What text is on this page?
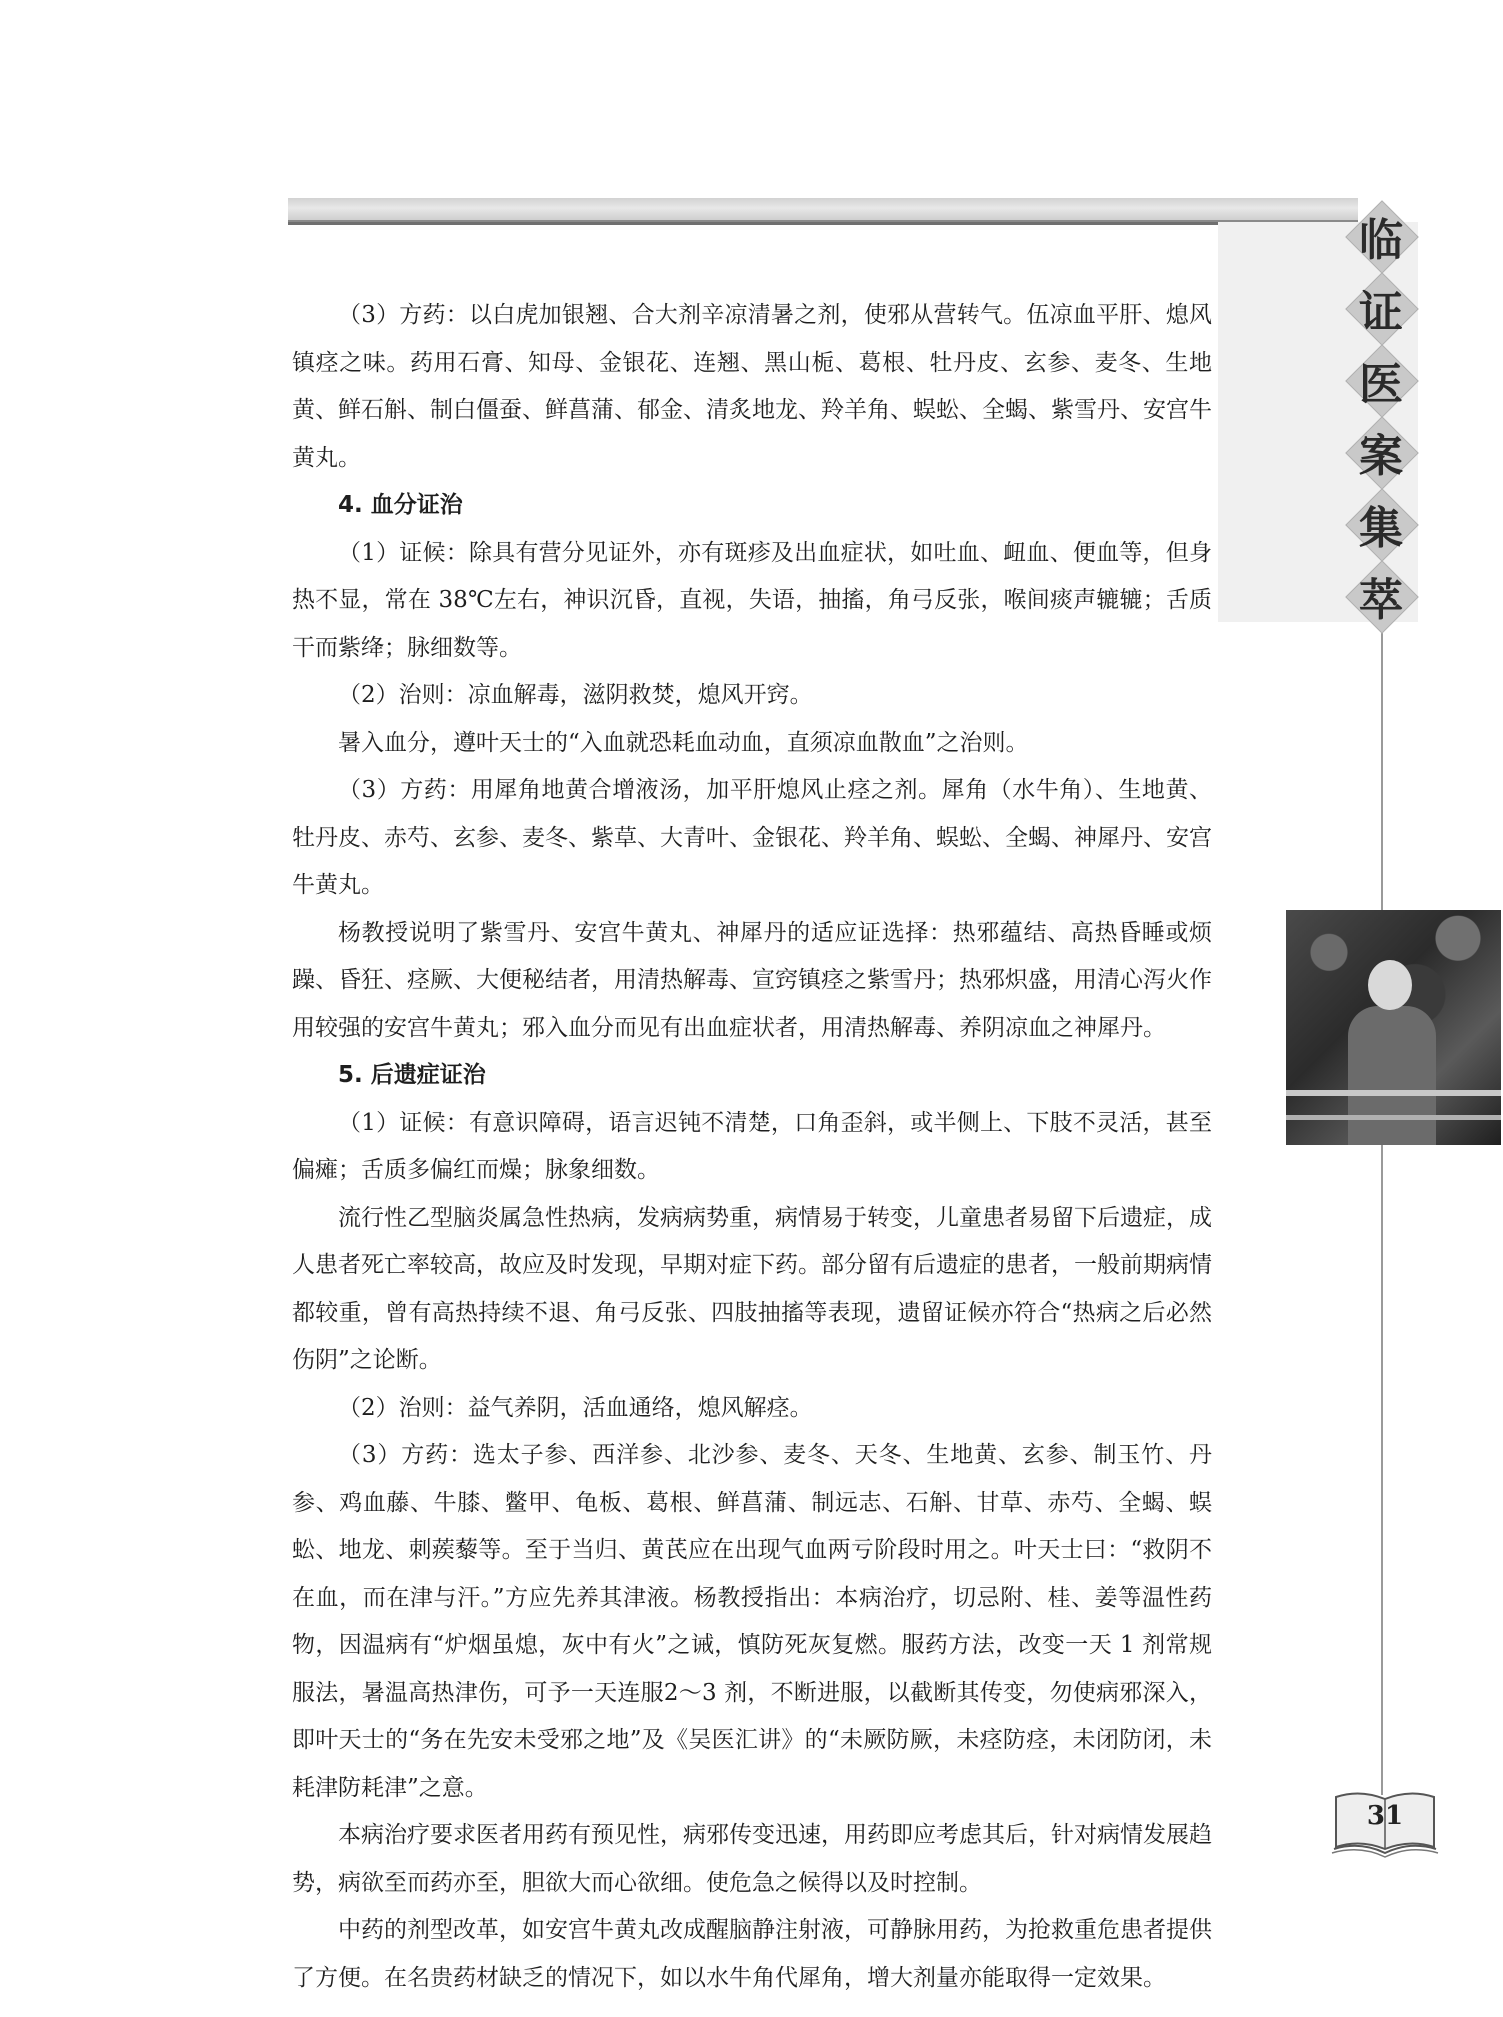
临
证
医
案
集
萃

（3）方药：以白虎加银翘、合大剂辛凉清暑之剂，使邪从营转气。伍凉血平肝、熄风镇痉之味。药用石膏、知母、金银花、连翘、黑山栀、葛根、牡丹皮、玄参、麦冬、生地黄、鲜石斛、制白僵蚕、鲜菖蒲、郁金、清炙地龙、羚羊角、蜈蚣、全蝎、紫雪丹、安宫牛黄丸。

4. 血分证治

（1）证候：除具有营分见证外，亦有斑疹及出血症状，如吐血、衄血、便血等，但身热不显，常在 38℃左右，神识沉昏，直视，失语，抽搐，角弓反张，喉间痰声辘辘；舌质干而紫绛；脉细数等。

（2）治则：凉血解毒，滋阴救焚，熄风开窍。

暑入血分，遵叶天士的“入血就恐耗血动血，直须凉血散血”之治则。

（3）方药：用犀角地黄合增液汤，加平肝熄风止痉之剂。犀角（水牛角）、生地黄、牡丹皮、赤芍、玄参、麦冬、紫草、大青叶、金银花、羚羊角、蜈蚣、全蝎、神犀丹、安宫牛黄丸。

杨教授说明了紫雪丹、安宫牛黄丸、神犀丹的适应证选择：热邪蕴结、高热昏睡或烦躁、昏狂、痉厥、大便秘结者，用清热解毒、宣窍镇痉之紫雪丹；热邪炽盛，用清心泻火作用较强的安宫牛黄丸；邪入血分而见有出血症状者，用清热解毒、养阴凉血之神犀丹。

5. 后遗症证治

（1）证候：有意识障碍，语言迟钝不清楚，口角歪斜，或半侧上、下肢不灵活，甚至偏瘫；舌质多偏红而燥；脉象细数。

流行性乙型脑炎属急性热病，发病病势重，病情易于转变，儿童患者易留下后遗症，成人患者死亡率较高，故应及时发现，早期对症下药。部分留有后遗症的患者，一般前期病情都较重，曾有高热持续不退、角弓反张、四肢抽搐等表现，遗留证候亦符合“热病之后必然伤阴”之论断。

（2）治则：益气养阴，活血通络，熄风解痉。

（3）方药：选太子参、西洋参、北沙参、麦冬、天冬、生地黄、玄参、制玉竹、丹参、鸡血藤、牛膝、鳖甲、龟板、葛根、鲜菖蒲、制远志、石斛、甘草、赤芍、全蝎、蜈蚣、地龙、刺蒺藜等。至于当归、黄芪应在出现气血两亏阶段时用之。叶天士曰：“救阴不在血，而在津与汗。”方应先养其津液。杨教授指出：本病治疗，切忌附、桂、姜等温性药物，因温病有“炉烟虽熄，灰中有火”之诫，慎防死灰复燃。服药方法，改变一天 1 剂常规服法，暑温高热津伤，可予一天连服2～3 剂，不断进服，以截断其传变，勿使病邪深入，即叶天士的“务在先安未受邪之地”及《吴医汇讲》的“未厥防厥，未痉防痉，未闭防闭，未耗津防耗津”之意。

本病治疗要求医者用药有预见性，病邪传变迅速，用药即应考虑其后，针对病情发展趋势，病欲至而药亦至，胆欲大而心欲细。使危急之候得以及时控制。

中药的剂型改革，如安宫牛黄丸改成醒脑静注射液，可静脉用药，为抢救重危患者提供了方便。在名贵药材缺乏的情况下，如以水牛角代犀角，增大剂量亦能取得一定效果。

31
